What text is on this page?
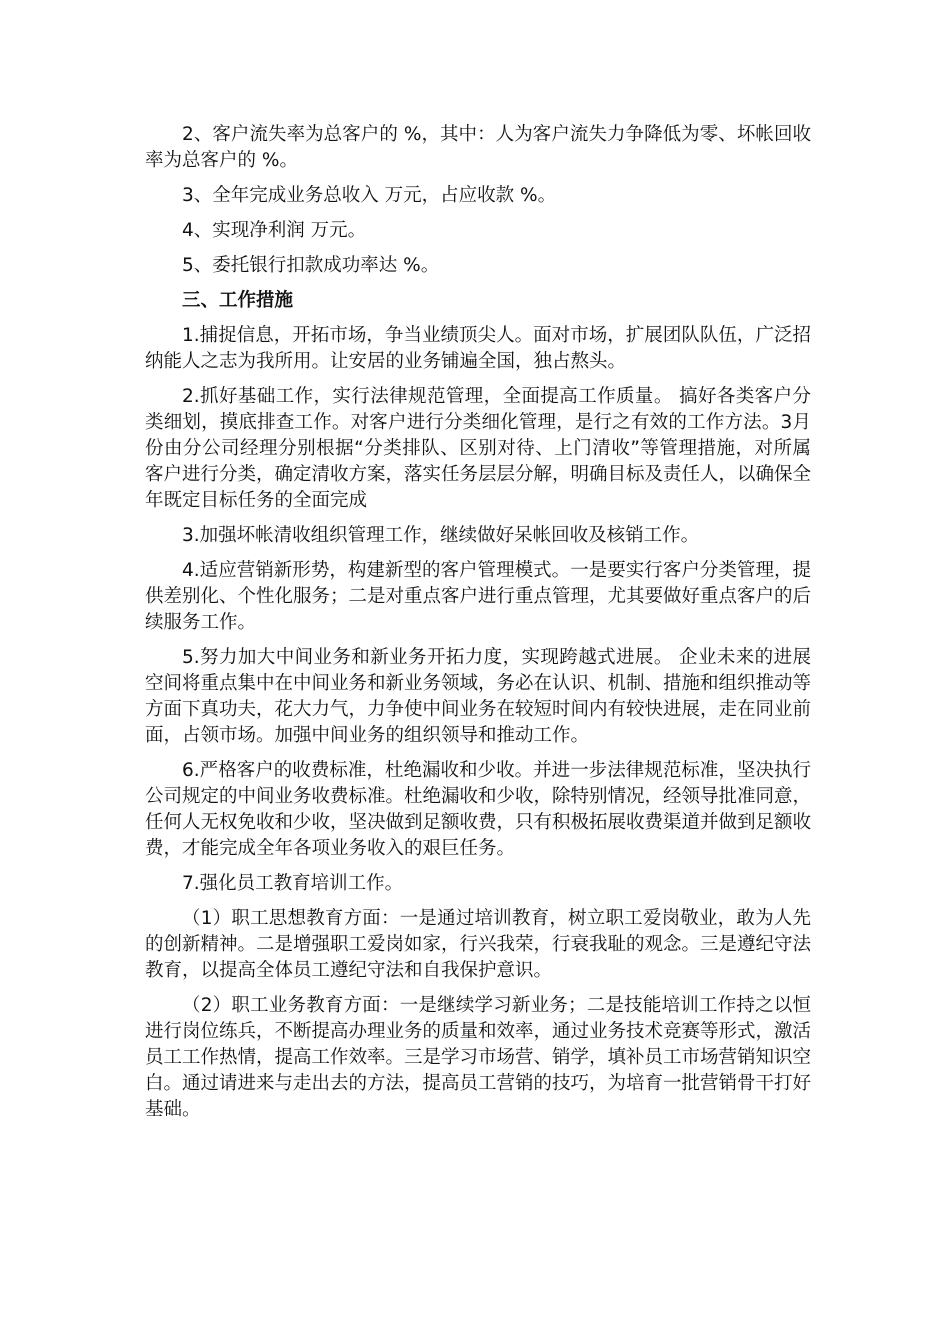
2、客户流失率为总客户的 %，其中：人为客户流失力争降低为零、坏帐回收率为总客户的 %。

3、全年完成业务总收入 万元，占应收款 %。

4、实现净利润 万元。

5、委托银行扣款成功率达 %。

三、工作措施

1.捕捉信息，开拓市场，争当业绩顶尖人。面对市场，扩展团队队伍，广泛招纳能人之志为我所用。让安居的业务铺遍全国，独占熬头。

2.抓好基础工作，实行法律规范管理，全面提高工作质量。 搞好各类客户分类细划，摸底排查工作。对客户进行分类细化管理，是行之有效的工作方法。3月份由分公司经理分别根据“分类排队、区别对待、上门清收”等管理措施，对所属客户进行分类，确定清收方案，落实任务层层分解，明确目标及责任人，以确保全年既定目标任务的全面完成

3.加强坏帐清收组织管理工作，继续做好呆帐回收及核销工作。

4.适应营销新形势，构建新型的客户管理模式。一是要实行客户分类管理，提供差别化、个性化服务；二是对重点客户进行重点管理，尤其要做好重点客户的后续服务工作。

5.努力加大中间业务和新业务开拓力度，实现跨越式进展。 企业未来的进展空间将重点集中在中间业务和新业务领域，务必在认识、机制、措施和组织推动等方面下真功夫，花大力气，力争使中间业务在较短时间内有较快进展，走在同业前面，占领市场。加强中间业务的组织领导和推动工作。

6.严格客户的收费标准，杜绝漏收和少收。并进一步法律规范标准，坚决执行公司规定的中间业务收费标准。杜绝漏收和少收，除特别情况，经领导批准同意，任何人无权免收和少收，坚决做到足额收费，只有积极拓展收费渠道并做到足额收费，才能完成全年各项业务收入的艰巨任务。

7.强化员工教育培训工作。

（1）职工思想教育方面：一是通过培训教育，树立职工爱岗敬业，敢为人先的创新精神。二是增强职工爱岗如家，行兴我荣，行衰我耻的观念。三是遵纪守法教育，以提高全体员工遵纪守法和自我保护意识。

（2）职工业务教育方面：一是继续学习新业务；二是技能培训工作持之以恒进行岗位练兵，不断提高办理业务的质量和效率，通过业务技术竞赛等形式，激活员工工作热情，提高工作效率。三是学习市场营、销学，填补员工市场营销知识空白。通过请进来与走出去的方法，提高员工营销的技巧，为培育一批营销骨干打好基础。
